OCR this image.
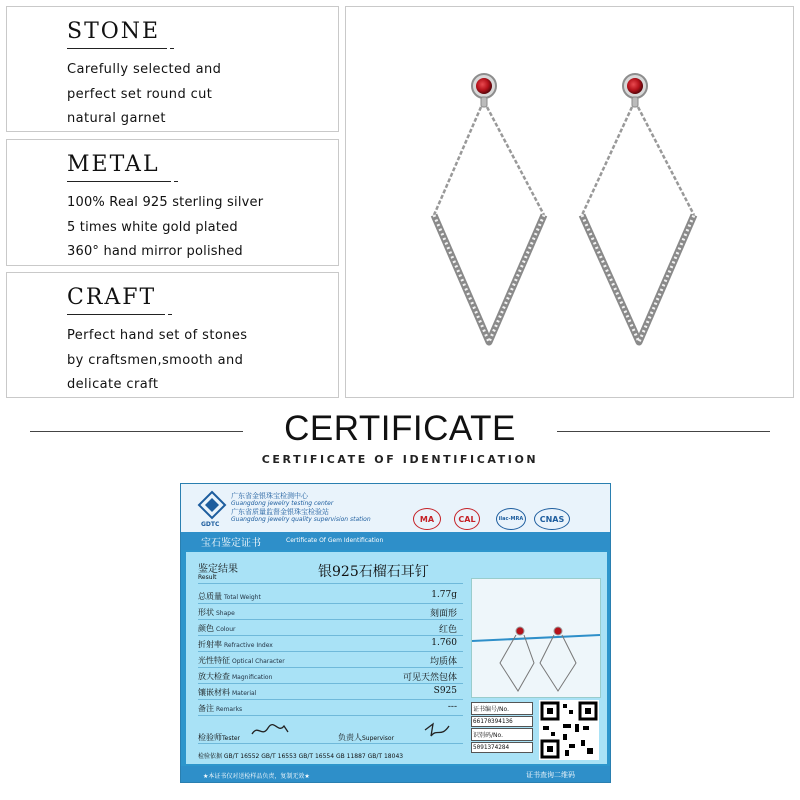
STONE
Carefully selected and
perfect set round cut
natural garnet
METAL
100% Real 925 sterling silver
5 times white gold plated
360° hand mirror polished
CRAFT
Perfect hand set of stones
by craftsmen,smooth and
delicate craft
CERTIFICATE
CERTIFICATE OF IDENTIFICATION
GDTC
广东省金银珠宝检测中心
Guangdong jewelry testing center
广东省质量监督金银珠宝检验站
Guangdong jewelry quality supervision station	MA	CAL	ilac-MRA	CNAS
宝石鉴定证书	Certificate Of Gem Identification
鉴定结果
Result	银925石榴石耳钉
总质量 Total Weight	1.77g
形状 Shape	刻面形
颜色 Colour	红色
折射率 Refractive Index	1.760
光性特征 Optical Character	均质体
放大检查 Magnification	可见天然包体
镶嵌材料 Material	S925
备注 Remarks	---
检验师Tester	负责人Supervisor
检验依据 GB/T 16552 GB/T 16553 GB/T 16554 GB 11887 GB/T 18043
证书编号/No.
66170394136
识别码/No.
5091374284
★本证书仅对送检样品负责，复制无效★	证书查询二维码
